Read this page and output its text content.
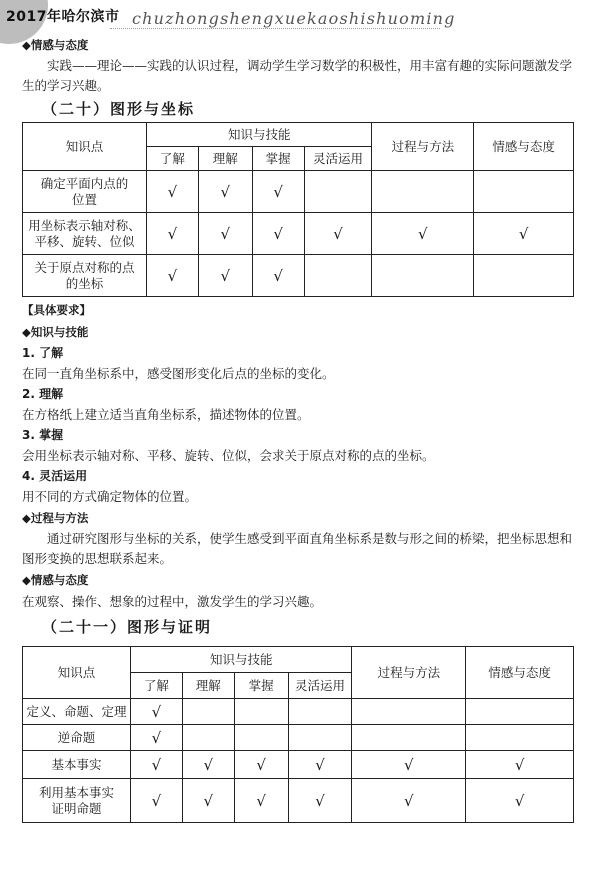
2017年哈尔滨市 chuzhongshengxuekaoshishuoming
◆情感与态度
实践——理论——实践的认识过程，调动学生学习数学的积极性，用丰富有趣的实际问题激发学生的学习兴趣。
（二十）图形与坐标
知识点	知识与技能				过程与方法	情感与态度
	了解	理解	掌握	灵活运用		

确定平面内点的位置	√	√	√			

用坐标表示轴对称、平移、旋转、位似	√	√	√	√	√	√

关于原点对称的点的坐标	√	√	√			
【具体要求】
◆知识与技能
1. 了解
在同一直角坐标系中，感受图形变化后点的坐标的变化。
2. 理解
在方格纸上建立适当直角坐标系，描述物体的位置。
3. 掌握
会用坐标表示轴对称、平移、旋转、位似，会求关于原点对称的点的坐标。
4. 灵活运用
用不同的方式确定物体的位置。
◆过程与方法
通过研究图形与坐标的关系，使学生感受到平面直角坐标系是数与形之间的桥梁，把坐标思想和图形变换的思想联系起来。
◆情感与态度
在观察、操作、想象的过程中，激发学生的学习兴趣。
（二十一）图形与证明
知识点	知识与技能				过程与方法	情感与态度
	了解	理解	掌握	灵活运用		
定义、命题、定理	√					
逆命题	√					
基本事实	√	√	√	√	√	√

利用基本事实证明命题	√	√	√	√	√	√
